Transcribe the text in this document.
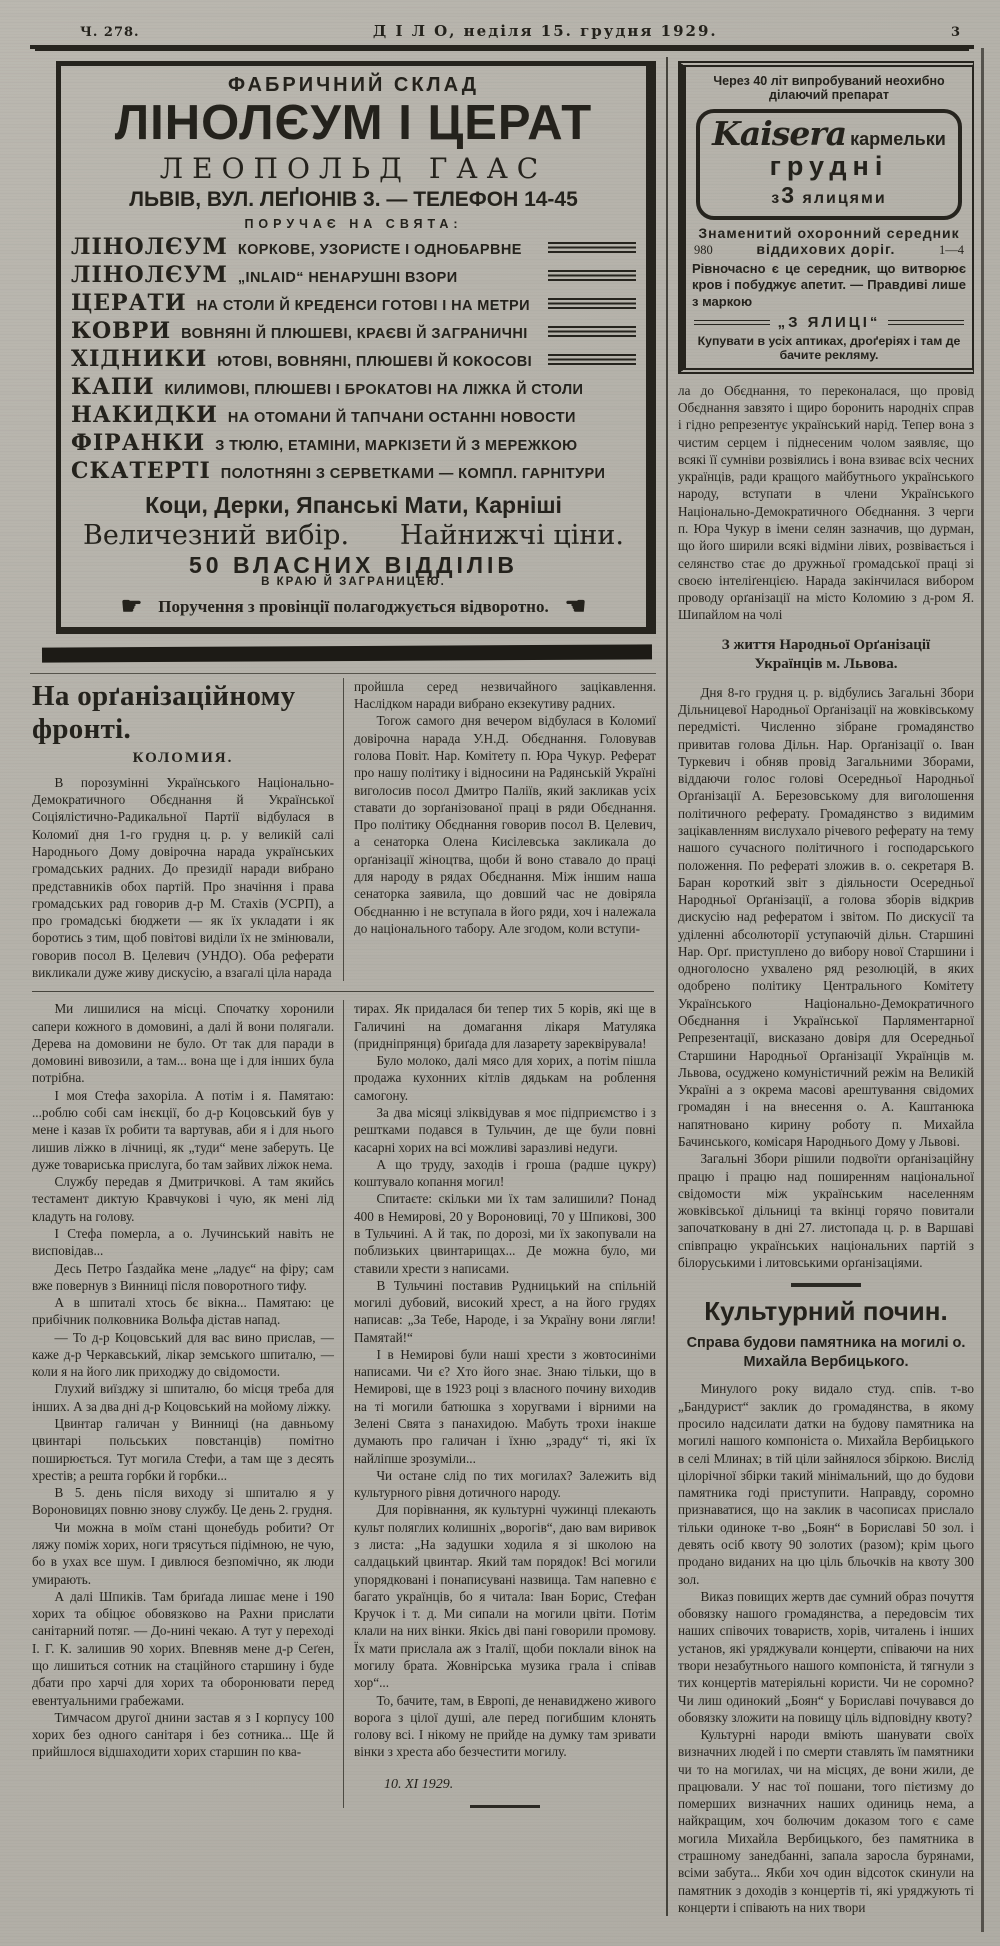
Ч. 278.	Д І Л О, неділя 15. грудня 1929.	3
ФАБРИЧНИЙ СКЛАД
ЛІНОЛЄУМ І ЦЕРАТ
ЛЕОПОЛЬД ГААС
ЛЬВІВ, ВУЛ. ЛЕҐІОНІВ 3. — ТЕЛЕФОН 14-45
ПОРУЧАЄ НА СВЯТА:
ЛІНОЛЄУМ КОРКОВЕ, УЗОРИСТЕ І ОДНОБАРВНЕ
ЛІНОЛЄУМ „INLAID“ НЕНАРУШНІ ВЗОРИ
ЦЕРАТИ НА СТОЛИ Й КРЕДЕНСИ ГОТОВІ І НА МЕТРИ
КОВРИ ВОВНЯНІ Й ПЛЮШЕВІ, КРАЄВІ Й ЗАГРАНИЧНІ
ХІДНИКИ ЮТОВІ, ВОВНЯНІ, ПЛЮШЕВІ Й КОКОСОВІ
КАПИ КИЛИМОВІ, ПЛЮШЕВІ І БРОКАТОВІ НА ЛІЖКА Й СТОЛИ
НАКИДКИ НА ОТОМАНИ Й ТАПЧАНИ ОСТАННІ НОВОСТИ
ФІРАНКИ З ТЮЛЮ, ЕТАМІНИ, МАРКІЗЕТИ Й З МЕРЕЖКОЮ
СКАТЕРТІ ПОЛОТНЯНІ З СЕРВЕТКАМИ — КОМПЛ. ГАРНІТУРИ
Коци, Дерки, Япанські Мати, Карніші
Величезний вибір. Найнижчі ціни.
50 ВЛАСНИХ ВІДДІЛІВ
В КРАЮ Й ЗАГРАНИЦЕЮ.
☛ Поручення з провінції полагоджується відворотно. ☚
На орґанізаційному фронті.
КОЛОМИЯ.

В порозумінні Українського Національно-Демократичного Обєднання й Української Соціялістично-Радикальної Партії відбулася в Коломиї дня 1-го грудня ц. р. у великій салі Народнього Дому довірочна нарада українських громадських радних. До президії наради вибрано представників обох партій. Про значіння і права громадських рад говорив д-р М. Стахів (УСРП), а про громадські бюджети — як їх укладати і як боротись з тим, щоб повітові виділи їх не змінювали, говорив посол В. Целевич (УНДО). Оба реферати викликали дуже живу дискусію, а взагалі ціла нарада

пройшла серед незвичайного зацікавлення. Наслідком наради вибрано екзекутиву радних.

Тогож самого дня вечером відбулася в Коломиї довірочна нарада У.Н.Д. Обєднання. Головував голова Повіт. Нар. Комітету п. Юра Чукур. Реферат про нашу політику і відносини на Радянській Україні виголосив посол Дмитро Паліїв, який закликав усіх ставати до зорґанізованої праці в ряди Обєднання. Про політику Обєднання говорив посол В. Целевич, а сенаторка Олена Кисілевська закликала до орґанізації жіноцтва, щоби й воно ставало до праці для народу в рядах Обєднання. Між іншим наша сенаторка заявила, що довший час не довіряла Обєднанню і не вступала в його ряди, хоч і належала до національного табору. Але згодом, коли вступи-

Ми лишилися на місці. Спочатку хоронили сапери кожного в домовині, а далі й вони полягали. Дерева на домовини не було. От так для паради в домовині вивозили, а там... вона ще і для інших була потрібна.

І моя Стефа захоріла. А потім і я. Памятаю: ...роблю собі сам інєкції, бо д-р Коцовський був у мене і казав їх робити та вартував, аби я і для нього лишив ліжко в лічниці, як „туди“ мене заберуть. Це дуже товариська прислуга, бо там зайвих ліжок нема.

Службу передав я Дмитричкові. А там якийсь тестамент диктую Кравчукові і чую, як мені лід кладуть на голову.

І Стефа померла, а о. Лучинський навіть не висповідав...

Десь Петро Ґаздайка мене „ладує“ на фіру; сам вже повернув з Винниці після поворотного тифу.

А в шпиталі хтось бє вікна... Памятаю: це прибічник полковника Вольфа дістав напад.

— То д-р Коцовський для вас вино прислав, — каже д-р Черкавський, лікар земського шпиталю, — коли я на його лик приходжу до свідомости.

Глухий виїзджу зі шпиталю, бо місця треба для інших. А за два дні д-р Коцовський на мойому ліжку.

Цвинтар галичан у Винниці (на давньому цвинтарі польських повстанців) помітно поширюється. Тут могила Стефи, а там ще з десять хрестів; а решта горбки й горбки...

В 5. день після виходу зі шпиталю я у Вороновицях повню знову службу. Це день 2. грудня.

Чи можна в моїм стані щонебудь робити? От ляжу поміж хорих, ноги трясуться підімною, не чую, бо в ухах все шум. І дивлюся безпомічно, як люди умирають.

А далі Шпиків. Там бриґада лишає мене і 190 хорих та обіцює обовязково на Рахни прислати санітарний потяг. — До-нині чекаю. А тут у переході І. Г. К. залишив 90 хорих. Впевняв мене д-р Сеґен, що лишиться сотник на стаційного старшину і буде дбати про харчі для хорих та оборонювати перед евентуальними грабежами.

Тимчасом другої днини застав я з І корпусу 100 хорих без одного санітаря і без сотника... Ще й прийшлося відшаходити хорих старшин по ква-

тирах. Як придалася би тепер тих 5 корів, які ще в Галичині на домагання лікаря Матуляка (придніпрянця) бриґада для лазарету зареквірувала!

Було молоко, далі мясо для хорих, а потім пішла продажа кухонних кітлів дядькам на роблення самогону.

За два місяці зліквідував я моє підприємство і з рештками подався в Тульчин, де ще були повні касарні хорих на всі можливі заразливі недуги.

А що труду, заходів і гроша (радше цукру) коштувало копання могил!

Спитаєте: скільки ми їх там залишили? Понад 400 в Немирові, 20 у Вороновиці, 70 у Шпикові, 300 в Тульчині. А й так, по дорозі, ми їх закопували на поблизьких цвинтарищах... Де можна було, ми ставили хрести з написами.

В Тульчині поставив Рудницький на спільній могилі дубовий, високий хрест, а на його грудях написав: „За Тебе, Народе, і за Україну вони лягли! Памятай!“

І в Немирові були наші хрести з жовтосиніми написами. Чи є? Хто його знає. Знаю тільки, що в Немирові, ще в 1923 році з власного почину виходив на ті могили батюшка з хоругвами і вірними на Зелені Свята з панахидою. Мабуть трохи інакше думають про галичан і їхню „зраду“ ті, які їх найліпше зрозуміли...

Чи остане слід по тих могилах? Залежить від культурного рівня дотичного народу.

Для порівнання, як культурні чужинці плекають культ поляглих колишніх „ворогів“, даю вам виривок з листа: „На задушки ходила я зі школою на салдацький цвинтар. Який там порядок! Всі могили упорядковані і понаписувані назвища. Там напевно є багато українців, бо я читала: Іван Борис, Стефан Кручок і т. д. Ми сипали на могили цвіти. Потім клали на них вінки. Якісь дві пані говорили промову. Їх мати прислала аж з Італії, щоби поклали вінок на могилу брата. Жовнірська музика грала і співав хор“...

То, бачите, там, в Европі, де ненавиджено живого ворога з цілої душі, але перед погибшим клонять голову всі. І нікому не прийде на думку там зривати вінки з хреста або безчестити могилу.

10. XI 1929.

Через 40 літ випробуваний неохибно ділаючий препарат
Kaisera кармельки
грудні
з3 ялицями
Знаменитий охоронний середник
980	віддихових доріг.	1—4
Рівночасно є це середник, що витворює кров і побуджує апетит. — Правдиві лише з маркою
„З ЯЛИЦІ“
Купувати в усіх аптиках, дроґеріях і там де бачите рекляму.

ла до Обєднання, то переконалася, що провід Обєднання завзято і щиро боронить народніх справ і гідно репрезентує український нарід. Тепер вона з чистим серцем і піднесеним чолом заявляє, що всякі її сумніви розвіялись і вона взиває всіх чесних українців, ради кращого майбутнього українського народу, вступати в члени Українського Національно-Демократичного Обєднання. З черги п. Юра Чукур в імени селян зазначив, що дурман, що його ширили всякі відміни лівих, розвівається і селянство стає до дружньої громадської праці зі своєю інтеліґенцією. Нарада закінчилася вибором проводу орґанізації на місто Коломию з д-ром Я. Шипайлом на чолі

З життя Народньої Орґанізації Українців м. Львова.

Дня 8-го грудня ц. р. відбулись Загальні Збори Дільницевої Народньої Орґанізації на жовківському передмісті. Численно зібране громадянство привитав голова Дільн. Нар. Орґанізації о. Іван Туркевич і обняв провід Загальними Зборами, віддаючи голос голові Осередньої Народньої Орґанізації А. Березовському для виголошення політичного реферату. Громадянство з видимим зацікавленням вислухало річевого реферату на тему нашого сучасного політичного і господарського положення. По рефераті зложив в. о. секретаря В. Баран короткий звіт з діяльности Осередньої Народньої Орґанізації, а голова зборів відкрив дискусію над рефератом і звітом. По дискусії та уділенні абсолюторії уступаючій дільн. Старшині Нар. Орґ. приступлено до вибору нової Старшини і одноголосно ухвалено ряд резолюцій, в яких одобрено політику Центрального Комітету Українського Національно-Демократичного Обєднання і Української Парляментарної Репрезентації, висказано довіря для Осередньої Старшини Народньої Орґанізації Українців м. Львова, осуджено комуністичний режім на Великій Україні а з окрема масові арештування свідомих громадян і на внесення о. А. Каштанюка напятновано кирину роботу п. Михайла Бачинського, комісаря Народнього Дому у Львові.

Загальні Збори рішили подвоїти орґанізаційну працю і працю над поширенням національної свідомости між українським населенням жовківської дільниці та вкінці горячо повитали започатковану в дні 27. листопада ц. р. в Варшаві співпрацю українських національних партій з білоруськими і литовськими орґанізаціями.

Культурний почин.
Справа будови памятника на могилі о. Михайла Вербицького.

Минулого року видало студ. спів. т-во „Бандурист“ заклик до громадянства, в якому просило надсилати датки на будову памятника на могилі нашого компоніста о. Михайла Вербицького в селі Млинах; в тій ціли зайнялося збіркою. Вислід цілорічної збірки такий мінімальний, що до будови памятника годі приступити. Направду, соромно признаватися, що на заклик в часописах прислало тільки одиноке т-во „Боян“ в Бориславі 50 зол. і девять осіб квоту 90 золотих (разом); крім цього продано виданих на цю ціль бльочків на квоту 300 зол.

Виказ повищих жертв дає сумний образ почуття обовязку нашого громадянства, а передовсім тих наших співочих товариств, хорів, читалень і інших установ, які уряджували концерти, співаючи на них твори незабутнього нашого компоніста, й тягнули з тих концертів матеріяльні користи. Чи не соромно? Чи лиш одинокий „Боян“ у Бориславі почувався до обовязку зложити на повищу ціль відповідну квоту?

Культурні народи вміють шанувати своїх визначних людей і по смерти ставлять їм памятники чи то на могилах, чи на місцях, де вони жили, де працювали. У нас тої пошани, того пієтизму до померших визначних наших одиниць нема, а найкращим, хоч болючим доказом того є саме могила Михайла Вербицького, без памятника в страшному занедбанні, запала заросла бурянами, всіми забута... Якби хоч один відсоток скинули на памятник з доходів з концертів ті, які уряджують ті концерти і співають на них твори
